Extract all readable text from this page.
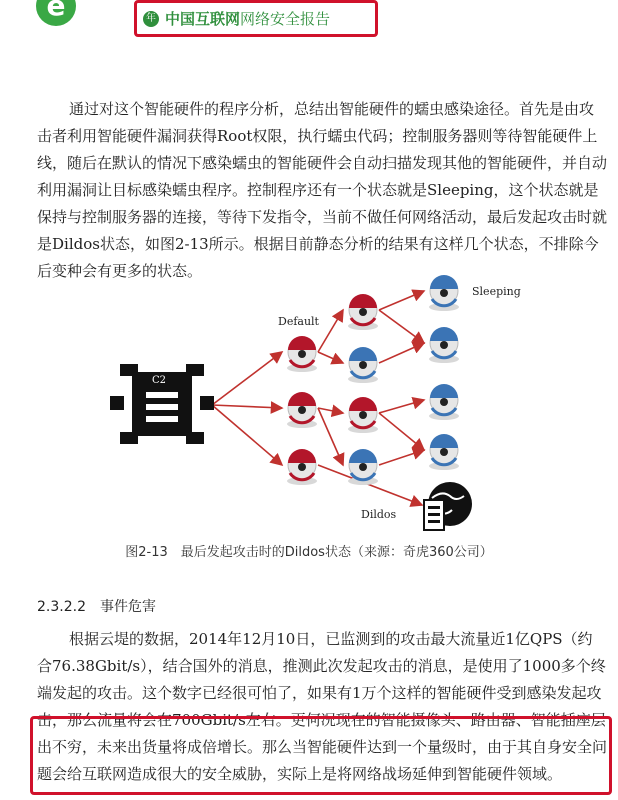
e	年 中国互联网 网络安全报告

通过对这个智能硬件的程序分析，总结出智能硬件的蠕虫感染途径。首先是由攻击者利用智能硬件漏洞获得Root权限，执行蠕虫代码；控制服务器则等待智能硬件上线，随后在默认的情况下感染蠕虫的智能硬件会自动扫描发现其他的智能硬件，并自动利用漏洞让目标感染蠕虫程序。控制程序还有一个状态就是Sleeping，这个状态就是保持与控制服务器的连接，等待下发指令，当前不做任何网络活动，最后发起攻击时就是Dildos状态，如图2-13所示。根据目前静态分析的结果有这样几个状态，不排除今后变种会有更多的状态。

C2
Default
Sleeping
Dildos
图2-13　最后发起攻击时的Dildos状态（来源：奇虎360公司）
2.3.2.2 事件危害

根据云堤的数据，2014年12月10日，已监测到的攻击最大流量近1亿QPS（约合76.38Gbit/s），结合国外的消息，推测此次发起攻击的消息，是使用了1000多个终端发起的攻击。这个数字已经很可怕了，如果有1万个这样的智能硬件受到感染发起攻击，那么流量将会在700Gbit/s左右。更何况现在的智能摄像头、路由器、智能插座层出不穷，未来出货量将成倍增长。那么当智能硬件达到一个量级时，由于其自身安全问题会给互联网造成很大的安全威胁，实际上是将网络战场延伸到智能硬件领域。
